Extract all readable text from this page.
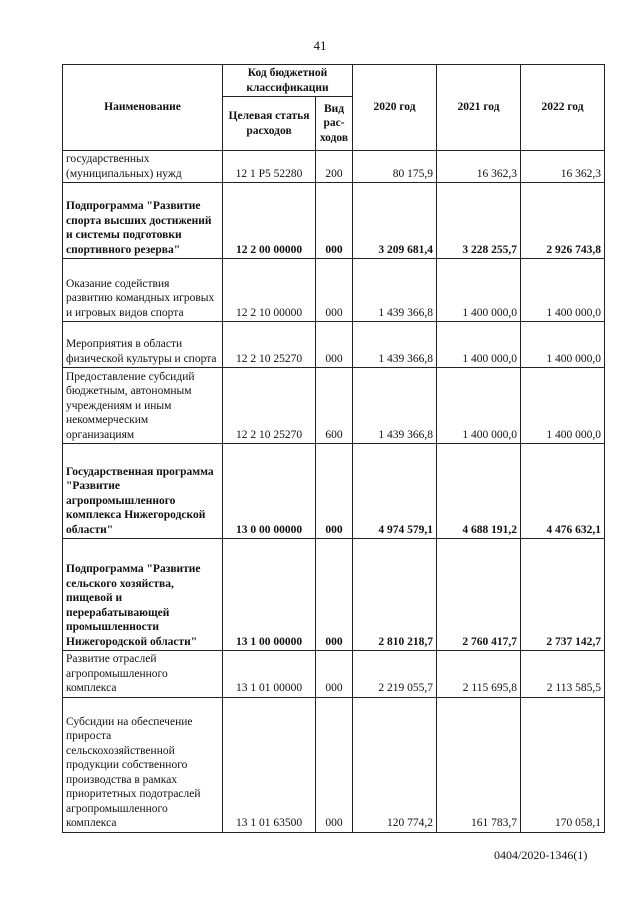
41
Наименование	Код бюджетной классификации		2020 год	2021 год	2022 год
	Целевая статья расходов	Вид рас- ходов			
государственных (муниципальных) нужд	12 1 P5 52280	200	80 175,9	16 362,3	16 362,3
Подпрограмма "Развитие спорта высших достижений и системы подготовки спортивного резерва"	12 2 00 00000	000	3 209 681,4	3 228 255,7	2 926 743,8
Оказание содействия развитию командных игровых и игровых видов спорта	12 2 10 00000	000	1 439 366,8	1 400 000,0	1 400 000,0
Мероприятия в области физической культуры и спорта	12 2 10 25270	000	1 439 366,8	1 400 000,0	1 400 000,0
Предоставление субсидий бюджетным, автономным учреждениям и иным некоммерческим организациям	12 2 10 25270	600	1 439 366,8	1 400 000,0	1 400 000,0
Государственная программа "Развитие агропромышленного комплекса Нижегородской области"	13 0 00 00000	000	4 974 579,1	4 688 191,2	4 476 632,1
Подпрограмма "Развитие сельского хозяйства, пищевой и перерабатывающей промышленности Нижегородской области"	13 1 00 00000	000	2 810 218,7	2 760 417,7	2 737 142,7
Развитие отраслей агропромышленного комплекса	13 1 01 00000	000	2 219 055,7	2 115 695,8	2 113 585,5
Субсидии на обеспечение прироста сельскохозяйственной продукции собственного производства в рамках приоритетных подотраслей агропромышленного комплекса	13 1 01 63500	000	120 774,2	161 783,7	170 058,1
0404/2020-1346(1)
